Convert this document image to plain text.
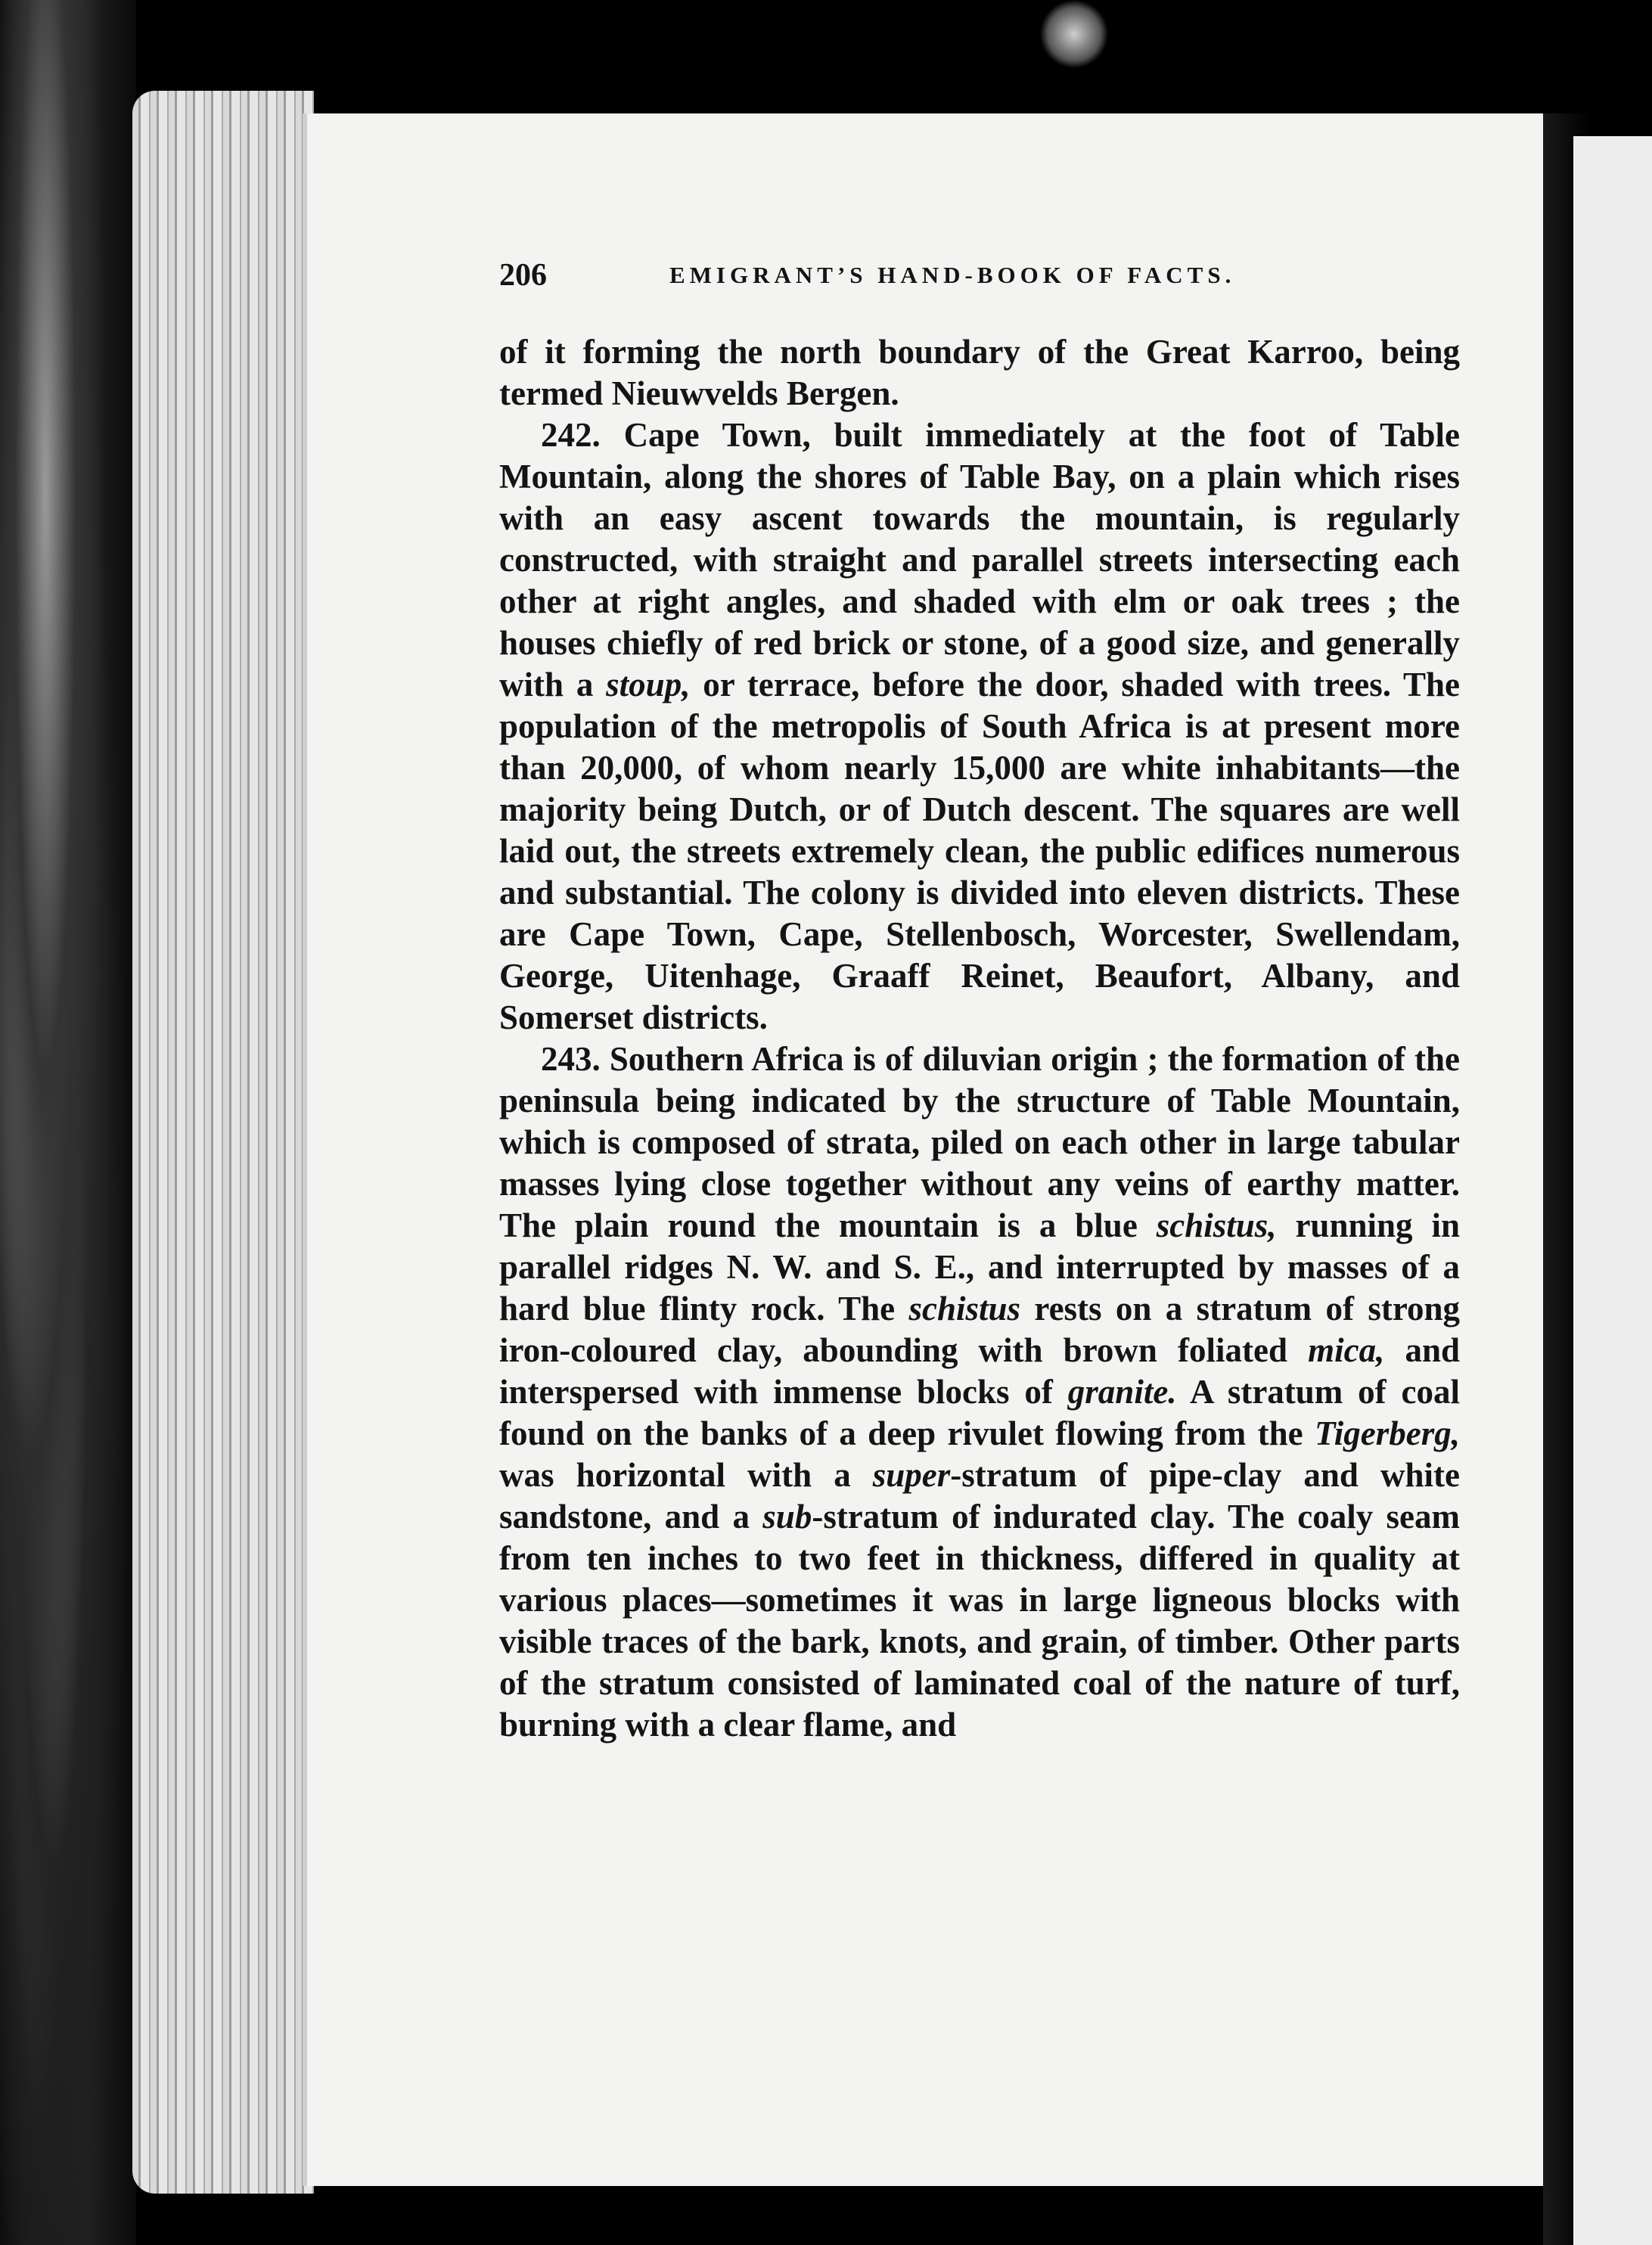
206	EMIGRANT’S HAND-BOOK OF FACTS.

of it forming the north boundary of the Great Karroo, being termed Nieuwvelds Bergen.

242. Cape Town, built immediately at the foot of Table Mountain, along the shores of Table Bay, on a plain which rises with an easy ascent towards the mountain, is regularly constructed, with straight and parallel streets intersecting each other at right angles, and shaded with elm or oak trees ; the houses chiefly of red brick or stone, of a good size, and generally with a stoup, or terrace, before the door, shaded with trees. The population of the metropolis of South Africa is at present more than 20,000, of whom nearly 15,000 are white inhabitants—the majority being Dutch, or of Dutch descent. The squares are well laid out, the streets extremely clean, the public edifices numerous and substantial. The colony is divided into eleven districts. These are Cape Town, Cape, Stellenbosch, Worcester, Swellendam, George, Uitenhage, Graaff Reinet, Beaufort, Albany, and Somerset districts.

243. Southern Africa is of diluvian origin ; the formation of the peninsula being indicated by the structure of Table Mountain, which is composed of strata, piled on each other in large tabular masses lying close together without any veins of earthy matter. The plain round the mountain is a blue schistus, running in parallel ridges N. W. and S. E., and interrupted by masses of a hard blue flinty rock. The schistus rests on a stratum of strong iron-coloured clay, abounding with brown foliated mica, and interspersed with immense blocks of granite. A stratum of coal found on the banks of a deep rivulet flowing from the Tigerberg, was horizontal with a super-stratum of pipe-clay and white sandstone, and a sub-stratum of indurated clay. The coaly seam from ten inches to two feet in thickness, differed in quality at various places—sometimes it was in large ligneous blocks with visible traces of the bark, knots, and grain, of timber. Other parts of the stratum consisted of laminated coal of the nature of turf, burning with a clear flame, and
